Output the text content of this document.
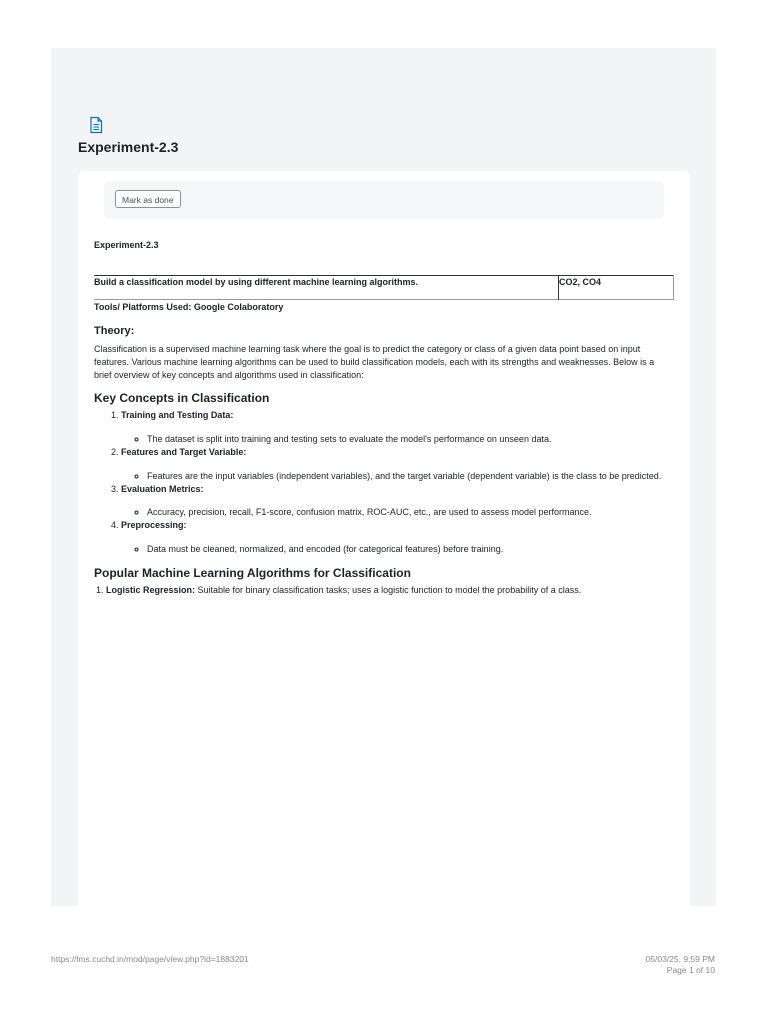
Experiment-2.3
Mark as done

Experiment-2.3

Build a classification model by using different machine learning algorithms.	CO2, CO4
Tools/ Platforms Used: Google Colaboratory
Theory:

Classification is a supervised machine learning task where the goal is to predict the category or class of a given data point based on input features. Various machine learning algorithms can be used to build classification models, each with its strengths and weaknesses. Below is a brief overview of key concepts and algorithms used in classification:

Key Concepts in Classification
1. Training and Testing Data:
◦ The dataset is split into training and testing sets to evaluate the model's performance on unseen data.
2. Features and Target Variable:
◦ Features are the input variables (independent variables), and the target variable (dependent variable) is the class to be predicted.
3. Evaluation Metrics:
◦ Accuracy, precision, recall, F1-score, confusion matrix, ROC-AUC, etc., are used to assess model performance.
4. Preprocessing:
◦ Data must be cleaned, normalized, and encoded (for categorical features) before training.
Popular Machine Learning Algorithms for Classification
1. Logistic Regression: Suitable for binary classification tasks; uses a logistic function to model the probability of a class.
https://lms.cuchd.in/mod/page/view.php?id=1883201	05/03/25, 9:59 PM
Page 1 of 10
